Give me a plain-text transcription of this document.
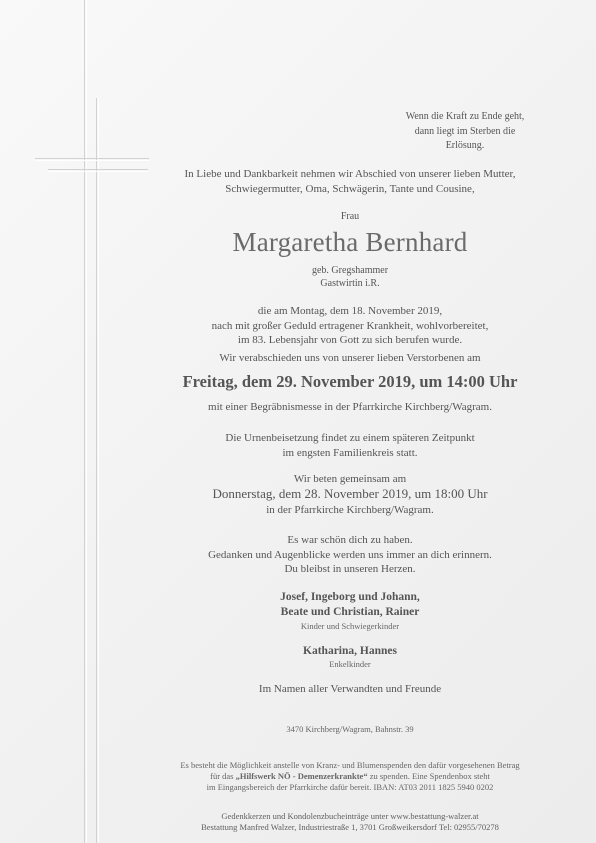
Wenn die Kraft zu Ende geht,
dann liegt im Sterben die
Erlösung.
In Liebe und Dankbarkeit nehmen wir Abschied von unserer lieben Mutter,
Schwiegermutter, Oma, Schwägerin, Tante und Cousine,
Frau
Margaretha Bernhard
geb. Gregshammer
Gastwirtin i.R.
die am Montag, dem 18. November 2019,
nach mit großer Geduld ertragener Krankheit, wohlvorbereitet,
im 83. Lebensjahr von Gott zu sich berufen wurde.
Wir verabschieden uns von unserer lieben Verstorbenen am
Freitag, dem 29. November 2019, um 14:00 Uhr
mit einer Begräbnismesse in der Pfarrkirche Kirchberg/Wagram.
Die Urnenbeisetzung findet zu einem späteren Zeitpunkt
im engsten Familienkreis statt.
Wir beten gemeinsam am
Donnerstag, dem 28. November 2019, um 18:00 Uhr
in der Pfarrkirche Kirchberg/Wagram.
Es war schön dich zu haben.
Gedanken und Augenblicke werden uns immer an dich erinnern.
Du bleibst in unseren Herzen.
Josef, Ingeborg und Johann,
Beate und Christian, Rainer
Kinder und Schwiegerkinder
Katharina, Hannes
Enkelkinder
Im Namen aller Verwandten und Freunde
3470 Kirchberg/Wagram, Bahnstr. 39
Es besteht die Möglichkeit anstelle von Kranz- und Blumenspenden den dafür vorgesehenen Betrag
für das „Hilfswerk NÖ - Demenzerkrankte“ zu spenden. Eine Spendenbox steht
im Eingangsbereich der Pfarrkirche dafür bereit. IBAN: AT03 2011 1825 5940 0202
Gedenkkerzen und Kondolenzbucheinträge unter www.bestattung-walzer.at
Bestattung Manfred Walzer, Industriestraße 1, 3701 Großweikersdorf Tel: 02955/70278
